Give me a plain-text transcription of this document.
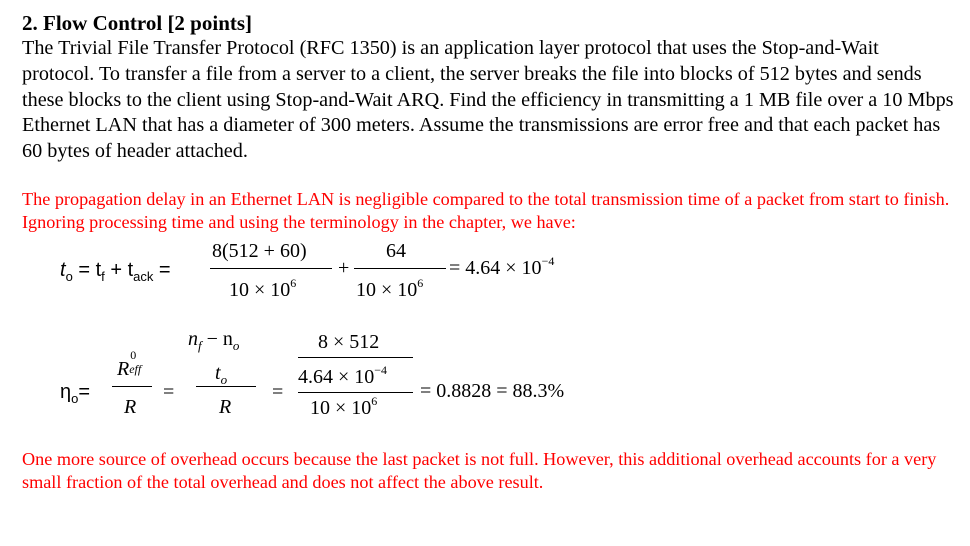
2. Flow Control [2 points]
The Trivial File Transfer Protocol (RFC 1350) is an application layer protocol that uses the Stop-and-Wait protocol. To transfer a file from a server to a client, the server breaks the file into blocks of 512 bytes and sends these blocks to the client using Stop-and-Wait ARQ. Find the efficiency in transmitting a 1 MB file over a 10 Mbps Ethernet LAN that has a diameter of 300 meters. Assume the transmissions are error free and that each packet has 60 bytes of header attached.
The propagation delay in an Ethernet LAN is negligible compared to the total transmission time of a packet from start to finish. Ignoring processing time and using the terminology in the chapter, we have:
$t_o = t_f + t_{ack}$ =
8(512 + 60)
$10 \times 10^6$
+
64
$10 \times 10^6$
= $4.64 \times 10^{-4}$
$\eta_o=$
R
0
eff
R
=
$n_f - n_o$
$t_o$
R
=
8 × 512
$4.64 \times 10^{-4}$
$10 \times 10^6 = 0.8828 = 88.3\%$
One more source of overhead occurs because the last packet is not full. However, this additional overhead accounts for a very small fraction of the total overhead and does not affect the above result.
